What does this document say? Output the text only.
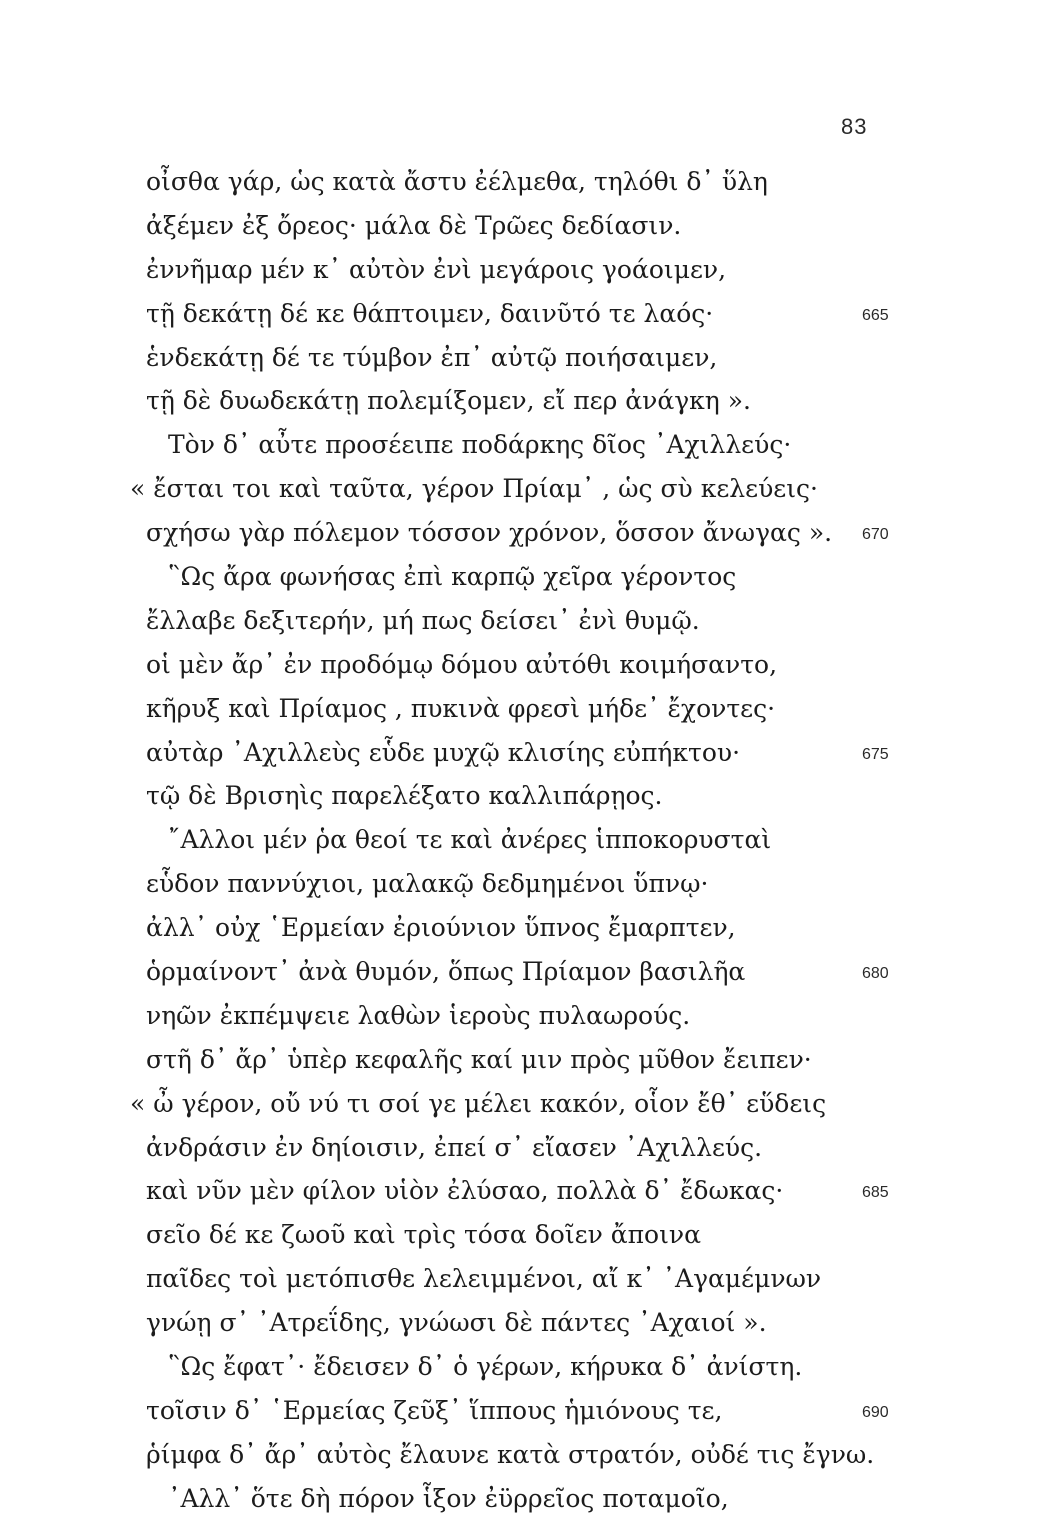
83
οἶσθα γάρ, ὡς κατὰ ἄστυ ἐέλμεθα, τηλόθι δ᾽ ὕλη
ἀξέμεν ἐξ ὄρεος· μάλα δὲ Τρῶες δεδίασιν.
ἐννῆμαρ μέν κ᾽ αὐτὸν ἐνὶ μεγάροις γοάοιμεν,
τῇ δεκάτῃ δέ κε θάπτοιμεν, δαινῦτό τε λαός·	665
ἑνδεκάτῃ δέ τε τύμβον ἐπ᾽ αὐτῷ ποιήσαιμεν,
τῇ δὲ δυωδεκάτῃ πολεμίξομεν, εἴ περ ἀνάγκη ».
Τὸν δ᾽ αὖτε προσέειπε ποδάρκης δῖος ᾽Αχιλλεύς·
« ἔσται τοι καὶ ταῦτα, γέρον Πρίαμ᾽ , ὡς σὺ κελεύεις·
σχήσω γὰρ πόλεμον τόσσον χρόνον, ὅσσον ἄνωγας ». 670
῝Ως ἄρα φωνήσας ἐπὶ καρπῷ χεῖρα γέροντος
ἔλλαβε δεξιτερήν, μή πως δείσει᾽ ἐνὶ θυμῷ.
οἱ μὲν ἄρ᾽ ἐν προδόμῳ δόμου αὐτόθι κοιμήσαντο,
κῆρυξ καὶ Πρίαμος , πυκινὰ φρεσὶ μήδε᾽ ἔχοντες·
αὐτὰρ ᾽Αχιλλεὺς εὗδε μυχῷ κλισίης εὐπήκτου·	675
τῷ δὲ Βρισηὶς παρελέξατο καλλιπάρῃος.
῎Αλλοι μέν ῥα θεοί τε καὶ ἀνέρες ἱπποκορυσταὶ
εὗδον παννύχιοι, μαλακῷ δεδμημένοι ὕπνῳ·
ἀλλ᾽ οὐχ ῾Ερμείαν ἐριούνιον ὕπνος ἔμαρπτεν,
ὁρμαίνοντ᾽ ἀνὰ θυμόν, ὅπως Πρίαμον βασιλῆα	680
νηῶν ἐκπέμψειε λαθὼν ἱεροὺς πυλαωρούς.
στῆ δ᾽ ἄρ᾽ ὑπὲρ κεφαλῆς καί μιν πρὸς μῦθον ἔειπεν·
« ὦ γέρον, οὔ νύ τι σοί γε μέλει κακόν, οἷον ἔθ᾽ εὕδεις
ἀνδράσιν ἐν δηίοισιν, ἐπεί σ᾽ εἴασεν ᾽Αχιλλεύς.
καὶ νῦν μὲν φίλον υἱὸν ἐλύσαο, πολλὰ δ᾽ ἔδωκας·	685
σεῖο δέ κε ζωοῦ καὶ τρὶς τόσα δοῖεν ἄποινα
παῖδες τοὶ μετόπισθε λελειμμένοι, αἴ κ᾽ ᾽Αγαμέμνων
γνώῃ σ᾽ ᾽Ατρεΐδης, γνώωσι δὲ πάντες ᾽Αχαιοί ».
῝Ως ἔφατ᾽· ἔδεισεν δ᾽ ὁ γέρων, κήρυκα δ᾽ ἀνίστη.
τοῖσιν δ᾽ ῾Ερμείας ζεῦξ᾽ ἵππους ἡμιόνους τε,	690
ῥίμφα δ᾽ ἄρ᾽ αὐτὸς ἔλαυνε κατὰ στρατόν, οὐδέ τις ἔγνω.
᾽Αλλ᾽ ὅτε δὴ πόρον ἷξον ἐϋρρεῖος ποταμοῖο,
